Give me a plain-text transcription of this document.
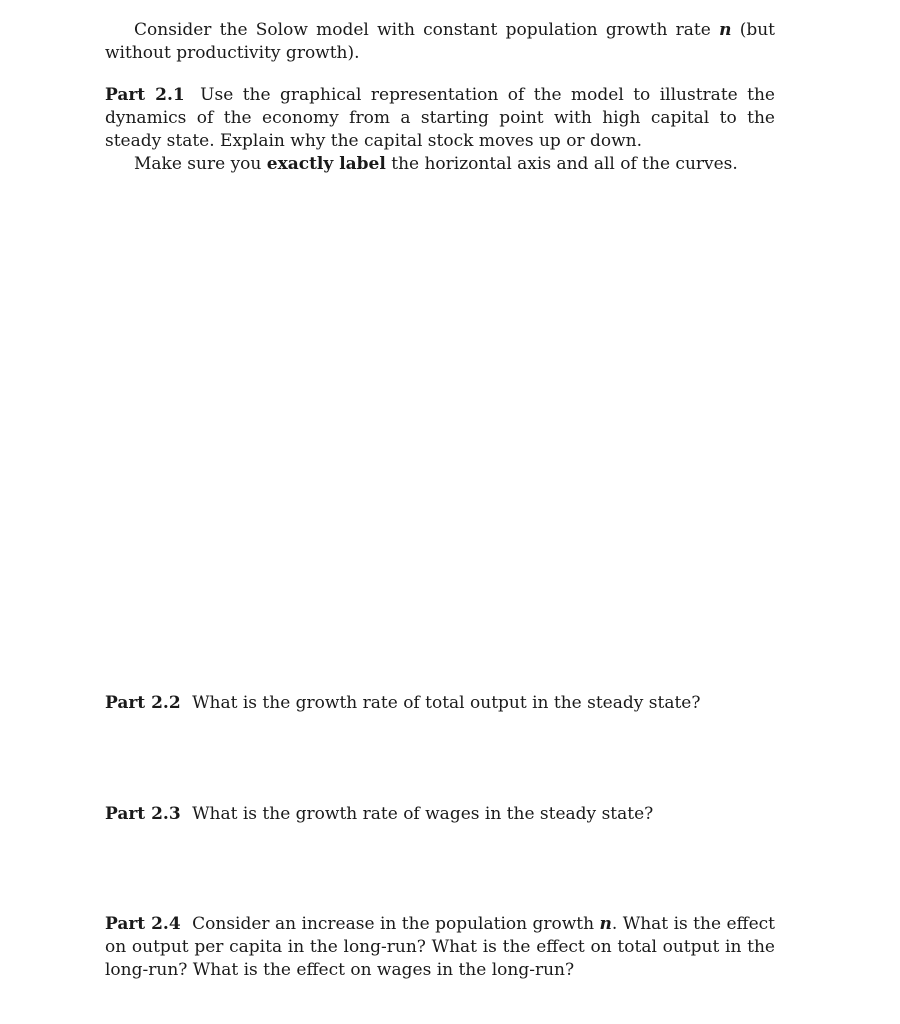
Consider the Solow model with constant population growth rate n (but without productivity growth).
Part 2.1 Use the graphical representation of the model to illustrate the dynamics of the economy from a starting point with high capital to the steady state. Explain why the capital stock moves up or down.
Make sure you exactly label the horizontal axis and all of the curves.
Part 2.2 What is the growth rate of total output in the steady state?
Part 2.3 What is the growth rate of wages in the steady state?
Part 2.4 Consider an increase in the population growth n. What is the effect on output per capita in the long-run? What is the effect on total output in the long-run? What is the effect on wages in the long-run?
